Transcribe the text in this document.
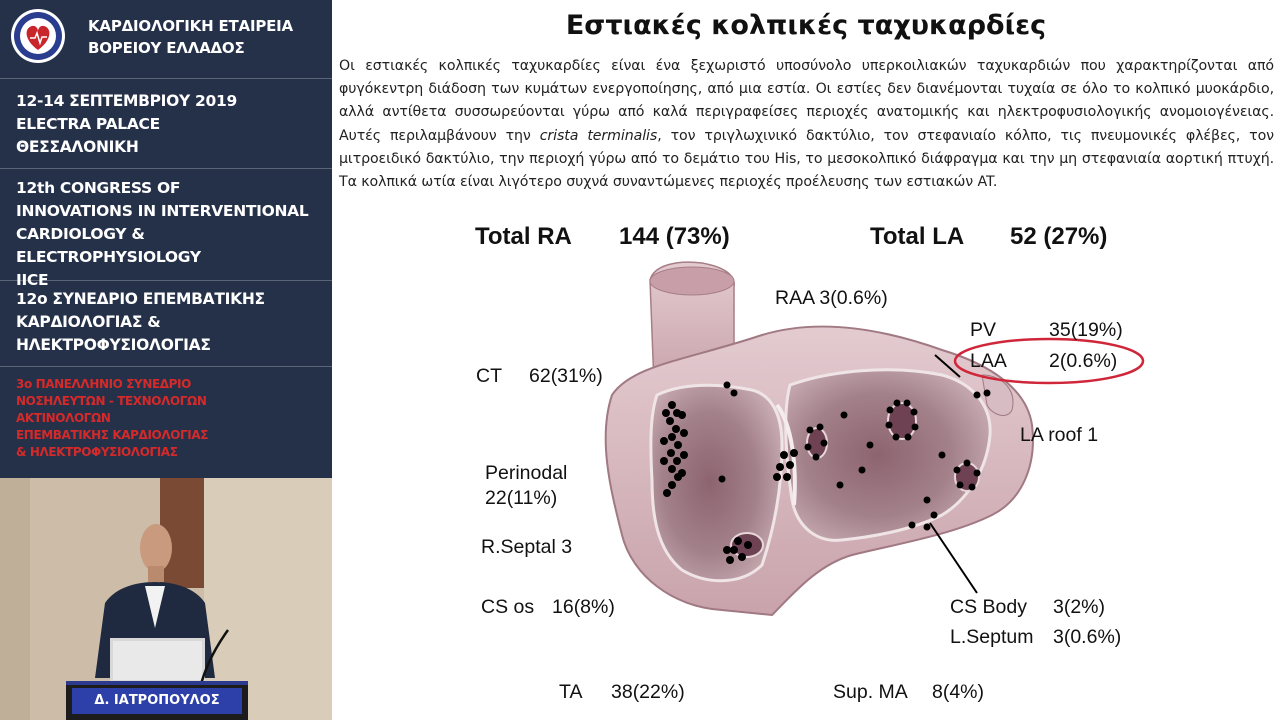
ΚΑΡΔΙΟΛΟΓΙΚΗ ΕΤΑΙΡΕΙΑ
ΒΟΡΕΙΟΥ ΕΛΛΑΔΟΣ
12-14 ΣΕΠΤΕΜΒΡΙΟΥ 2019
ELECTRA PALACE
ΘΕΣΣΑΛΟΝΙΚΗ
12th CONGRESS OF
INNOVATIONS IN INTERVENTIONAL
CARDIOLOGY & ELECTROPHYSIOLOGY
IICE
12ο ΣΥΝΕΔΡΙΟ ΕΠΕΜΒΑΤΙΚΗΣ
ΚΑΡΔΙΟΛΟΓΙΑΣ &
ΗΛΕΚΤΡΟΦΥΣΙΟΛΟΓΙΑΣ
3ο ΠΑΝΕΛΛΗΝΙΟ ΣΥΝΕΔΡΙΟ
ΝΟΣΗΛΕΥΤΩΝ - ΤΕΧΝΟΛΟΓΩΝ ΑΚΤΙΝΟΛΟΓΩΝ
ΕΠΕΜΒΑΤΙΚΗΣ ΚΑΡΔΙΟΛΟΓΙΑΣ
& ΗΛΕΚΤΡΟΦΥΣΙΟΛΟΓΙΑΣ
Δ. ΙΑΤΡΟΠΟΥΛΟΣ
Εστιακές κολπικές ταχυκαρδίες
Οι εστιακές κολπικές ταχυκαρδίες είναι ένα ξεχωριστό υποσύνολο υπερκοιλιακών ταχυκαρδιών που χαρακτηρίζονται από φυγόκεντρη διάδοση των κυμάτων ενεργοποίησης, από μια εστία. Οι εστίες δεν διανέμονται τυχαία σε όλο το κολπικό μυοκάρδιο, αλλά αντίθετα συσσωρεύονται γύρω από καλά περιγραφείσες περιοχές ανατομικής και ηλεκτροφυσιολογικής ανομοιογένειας. Αυτές περιλαμβάνουν την crista terminalis, τον τριγλωχινικό δακτύλιο, τον στεφανιαίο κόλπο, τις πνευμονικές φλέβες, τον μιτροειδικό δακτύλιο, την περιοχή γύρω από το δεμάτιο του His, το μεσοκολπικό διάφραγμα και την μη στεφανιαία αορτική πτυχή. Τα κολπικά ωτία είναι λιγότερο συχνά συναντώμενες περιοχές προέλευσης των εστιακών AT.
Total RA 144 (73%)	Total LA 52 (27%)
RAA 3(0.6%)
CT 62(31%)
Perinodal
22(11%)
R.Septal 3
CS os 16(8%)
TA 38(22%)
PV	35(19%)
LAA 2(0.6%)
LA roof 1
CS Body 3(2%)
L.Septum 3(0.6%)
Sup. MA 8(4%)
